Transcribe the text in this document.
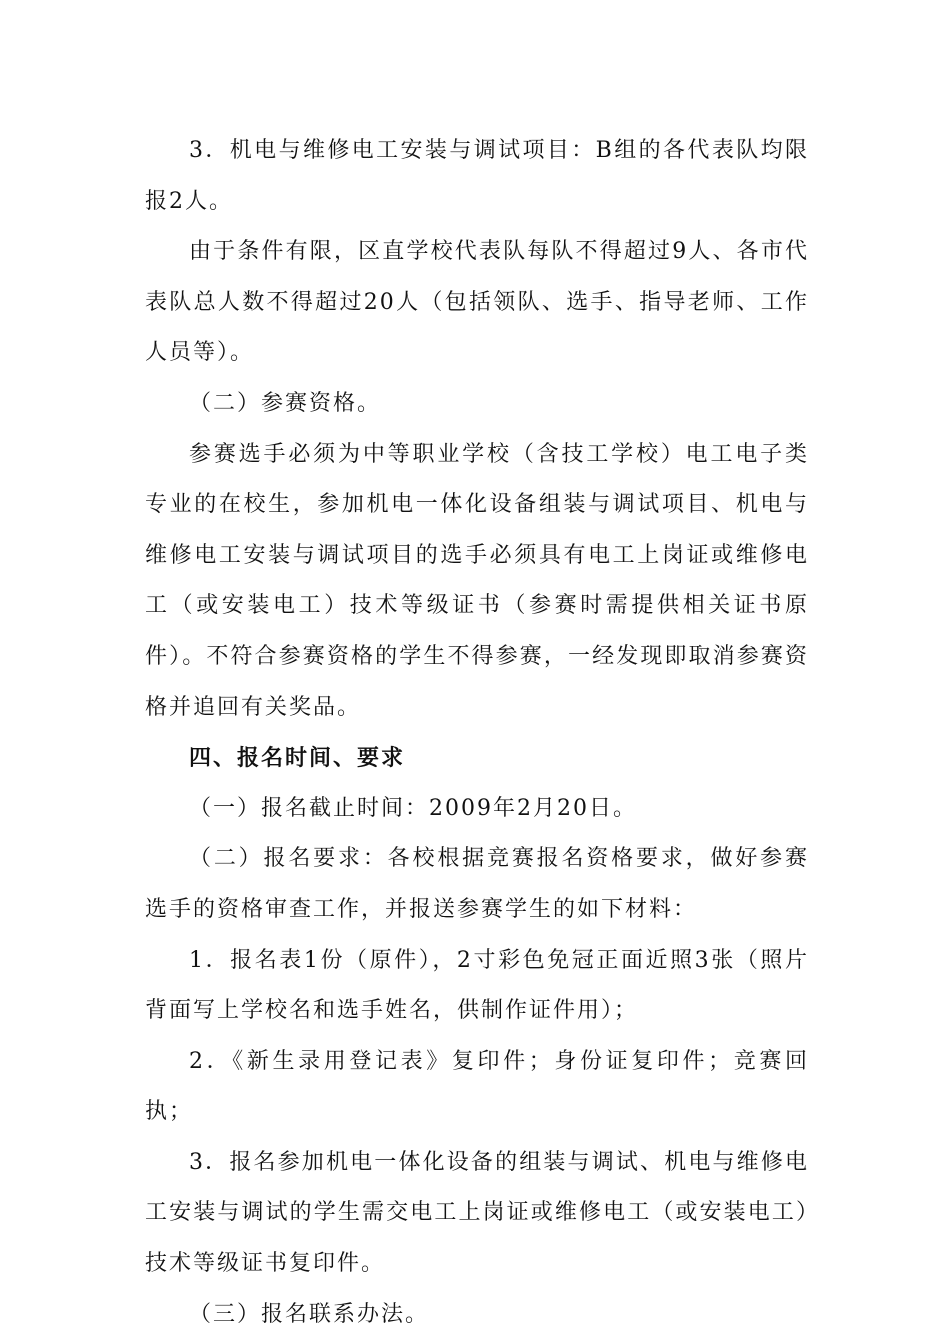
3．机电与维修电工安装与调试项目：B组的各代表队均限报2人。

由于条件有限，区直学校代表队每队不得超过9人、各市代表队总人数不得超过20人（包括领队、选手、指导老师、工作人员等）。

（二）参赛资格。

参赛选手必须为中等职业学校（含技工学校）电工电子类专业的在校生，参加机电一体化设备组装与调试项目、机电与维修电工安装与调试项目的选手必须具有电工上岗证或维修电工（或安装电工）技术等级证书（参赛时需提供相关证书原件）。不符合参赛资格的学生不得参赛，一经发现即取消参赛资格并追回有关奖品。

四、报名时间、要求

（一）报名截止时间：2009年2月20日。

（二）报名要求：各校根据竞赛报名资格要求，做好参赛选手的资格审查工作，并报送参赛学生的如下材料：

1．报名表1份（原件），2寸彩色免冠正面近照3张（照片背面写上学校名和选手姓名，供制作证件用）；

2．《新生录用登记表》复印件；身份证复印件；竞赛回执；

3．报名参加机电一体化设备的组装与调试、机电与维修电工安装与调试的学生需交电工上岗证或维修电工（或安装电工）技术等级证书复印件。

（三）报名联系办法。
